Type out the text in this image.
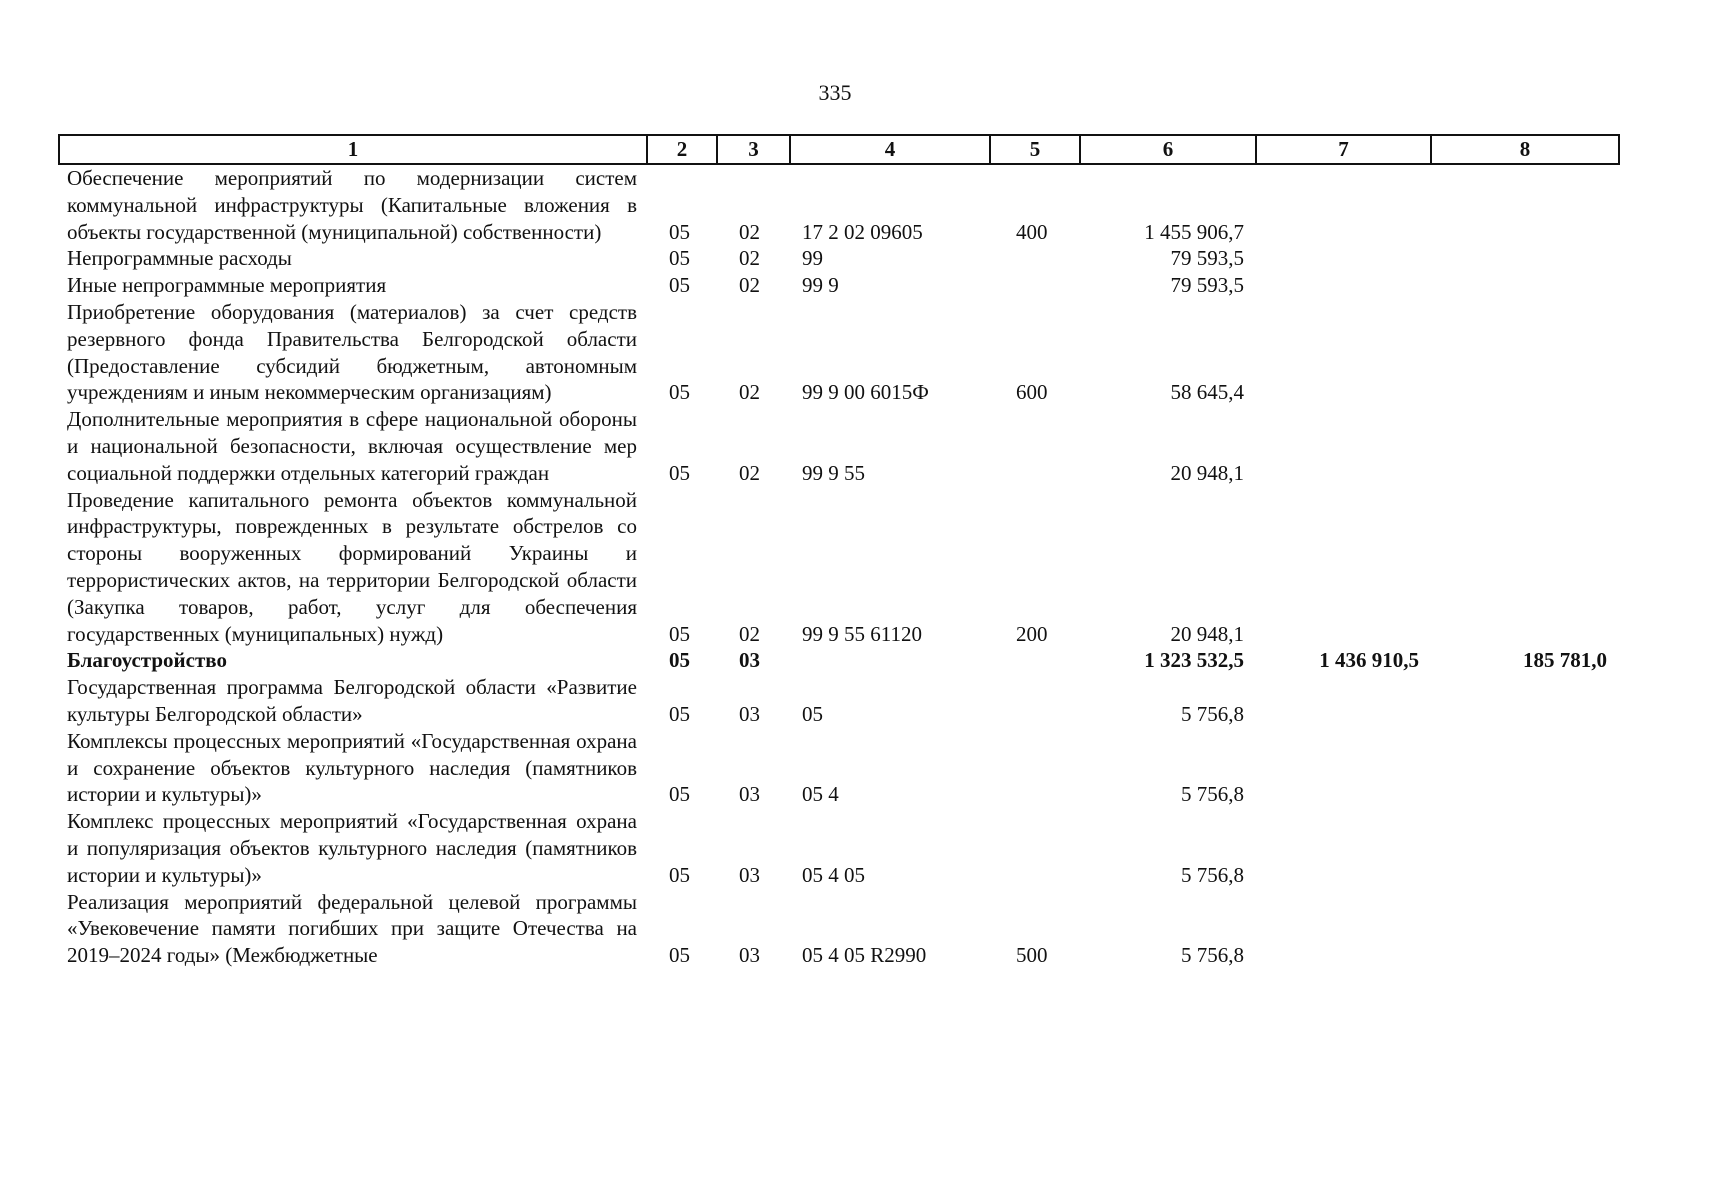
335
1	2	3	4	5	6	7	8
Обеспечение мероприятий по модернизации систем коммунальной инфраструктуры (Капитальные вложения в объекты государственной (муниципальной) собственности)	05	02	17 2 02 09605	400	1 455 906,7		
Непрограммные расходы	05	02	99		79 593,5		
Иные непрограммные мероприятия	05	02	99 9		79 593,5		
Приобретение оборудования (материалов) за счет средств резервного фонда Правительства Белгородской области (Предоставление субсидий бюджетным, автономным учреждениям и иным некоммерческим организациям)	05	02	99 9 00 6015Ф	600	58 645,4		
Дополнительные мероприятия в сфере национальной обороны и национальной безопасности, включая осуществление мер социальной поддержки отдельных категорий граждан	05	02	99 9 55		20 948,1		
Проведение капитального ремонта объектов коммунальной инфраструктуры, поврежденных в результате обстрелов со стороны вооруженных формирований Украины и террористических актов, на территории Белгородской области (Закупка товаров, работ, услуг для обеспечения государственных (муниципальных) нужд)	05	02	99 9 55 61120	200	20 948,1		
Благоустройство	05	03			1 323 532,5	1 436 910,5	185 781,0
Государственная программа Белгородской области «Развитие культуры Белгородской области»	05	03	05		5 756,8		
Комплексы процессных мероприятий «Государственная охрана и сохранение объектов культурного наследия (памятников истории и культуры)»	05	03	05 4		5 756,8		
Комплекс процессных мероприятий «Государственная охрана и популяризация объектов культурного наследия (памятников истории и культуры)»	05	03	05 4 05		5 756,8		
Реализация мероприятий федеральной целевой программы «Увековечение памяти погибших при защите Отечества на 2019–2024 годы» (Межбюджетные	05	03	05 4 05 R2990	500	5 756,8		
